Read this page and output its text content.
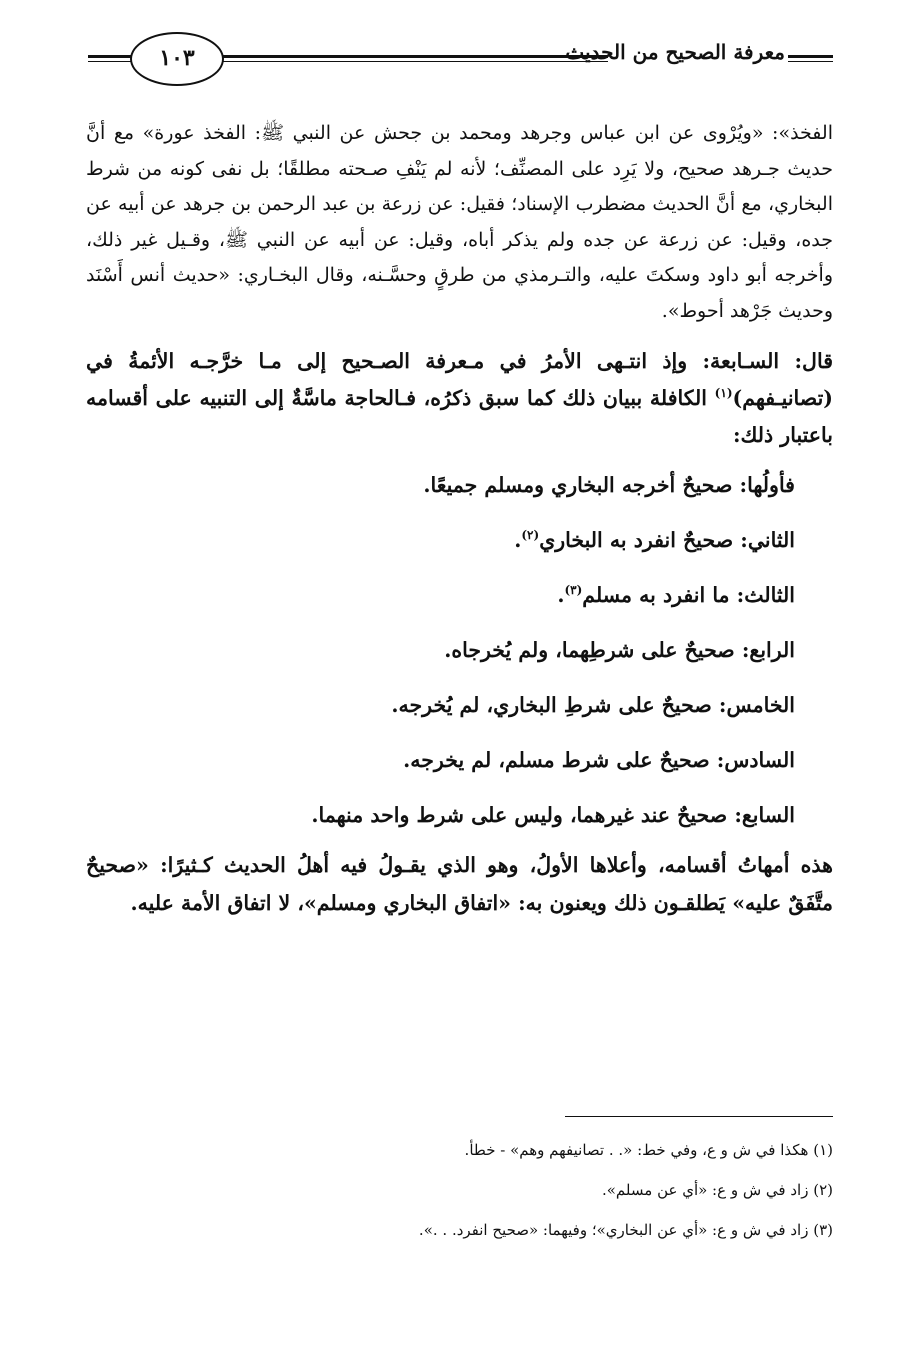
١٠٣	معرفة الصحيح من الحديث

الفخذ»: «ويُرْوى عن ابن عباس وجرهد ومحمد بن جحش عن النبي ﷺ: الفخذ عورة» مع أنَّ حديث جـرهد صحيح، ولا يَرِد على المصنِّف؛ لأنه لم يَنْفِ صـحته مطلقًا؛ بل نفى كونه من شرط البخاري، مع أنَّ الحديث مضطرب الإسناد؛ فقيل: عن زرعة بن عبد الرحمن بن جرهد عن أبيه عن جده، وقيل: عن زرعة عن جده ولم يذكر أباه، وقيل: عن أبيه عن النبي ﷺ، وقـيل غير ذلك، وأخرجه أبو داود وسكتَ عليه، والتـرمذي من طرقٍ وحسَّـنه، وقال البخـاري: «حديث أنس أَسْنَد وحديث جَرْهد أحوط».

قال: السـابعة: وإذ انتـهى الأمرُ في مـعرفة الصـحيح إلى مـا خرَّجـه الأئمةُ في (تصانيـفهم)$^{(١)}$ الكافلة ببيان ذلك كما سبق ذكرُه، فـالحاجة ماسَّةٌ إلى التنبيه على أقسامه باعتبار ذلك:

فأولُها: صحيحٌ أخرجه البخاري ومسلم جميعًا.
الثاني: صحيحٌ انفرد به البخاري$^{(٢)}$.
الثالث: ما انفرد به مسلم$^{(٣)}$.
الرابع: صحيحٌ على شرطِهما، ولم يُخرجاه.
الخامس: صحيحٌ على شرطِ البخاري، لم يُخرجه.
السادس: صحيحٌ على شرط مسلم، لم يخرجه.
السابع: صحيحٌ عند غيرهما، وليس على شرط واحد منهما.

هذه أمهاتُ أقسامه، وأعلاها الأولُ، وهو الذي يقـولُ فيه أهلُ الحديث كـثيرًا: «صحيحٌ متَّفَقٌ عليه» يَطلقـون ذلك ويعنون به: «اتفاق البخاري ومسلم»، لا اتفاق الأمة عليه.

(١) هكذا في ش و ع، وفي خط: «. . تصانيفهم وهم» - خطأ.

(٢) زاد في ش و ع: «أي عن مسلم».

(٣) زاد في ش و ع: «أي عن البخاري»؛ وفيهما: «صحيح انفرد. . .».
